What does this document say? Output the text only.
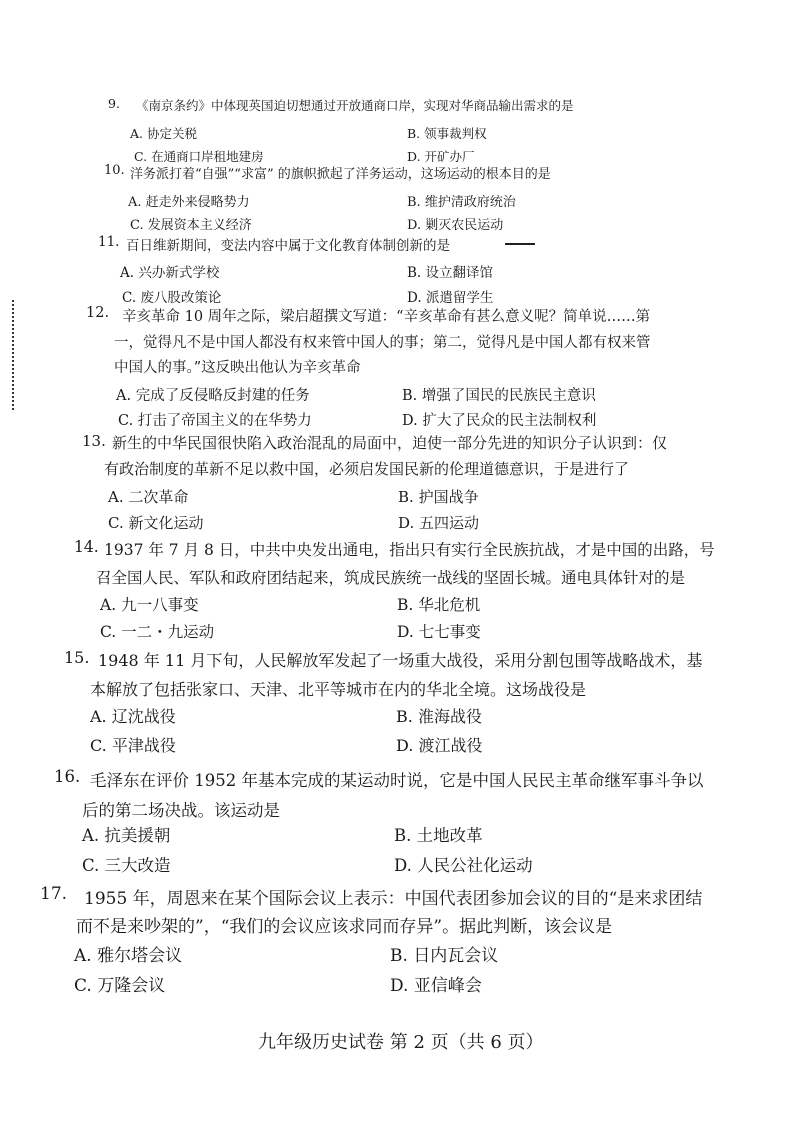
9. 《南京条约》中体现英国迫切想通过开放通商口岸，实现对华商品输出需求的是
A. 协定关税	B. 领事裁判权
C. 在通商口岸租地建房	D. 开矿办厂
10. 洋务派打着“自强”“求富” 的旗帜掀起了洋务运动，这场运动的根本目的是
A. 赶走外来侵略势力	B. 维护清政府统治
C. 发展资本主义经济	D. 剿灭农民运动
11. 百日维新期间，变法内容中属于文化教育体制创新的是
A. 兴办新式学校	B. 设立翻译馆
C. 废八股改策论	D. 派遣留学生
12. 辛亥革命 10 周年之际，梁启超撰文写道：“辛亥革命有甚么意义呢？简单说……第
一，觉得凡不是中国人都没有权来管中国人的事；第二，觉得凡是中国人都有权来管
中国人的事。”这反映出他认为辛亥革命
A. 完成了反侵略反封建的任务	B. 增强了国民的民族民主意识
C. 打击了帝国主义的在华势力	D. 扩大了民众的民主法制权利
13. 新生的中华民国很快陷入政治混乱的局面中，迫使一部分先进的知识分子认识到：仅
有政治制度的革新不足以救中国，必须启发国民新的伦理道德意识，于是进行了
A. 二次革命	B. 护国战争
C. 新文化运动	D. 五四运动
14. 1937 年 7 月 8 日，中共中央发出通电，指出只有实行全民族抗战，才是中国的出路，号
召全国人民、军队和政府团结起来，筑成民族统一战线的坚固长城。通电具体针对的是
A. 九一八事变	B. 华北危机
C. 一二・九运动	D. 七七事变
15. 1948 年 11 月下旬，人民解放军发起了一场重大战役，采用分割包围等战略战术，基
本解放了包括张家口、天津、北平等城市在内的华北全境。这场战役是
A. 辽沈战役	B. 淮海战役
C. 平津战役	D. 渡江战役
16. 毛泽东在评价 1952 年基本完成的某运动时说，它是中国人民民主革命继军事斗争以
后的第二场决战。该运动是
A. 抗美援朝	B. 土地改革
C. 三大改造	D. 人民公社化运动
17. 1955 年，周恩来在某个国际会议上表示：中国代表团参加会议的目的“是来求团结
而不是来吵架的”，“我们的会议应该求同而存异”。据此判断，该会议是
A. 雅尔塔会议	B. 日内瓦会议
C. 万隆会议	D. 亚信峰会
九年级历史试卷 第 2 页（共 6 页）
